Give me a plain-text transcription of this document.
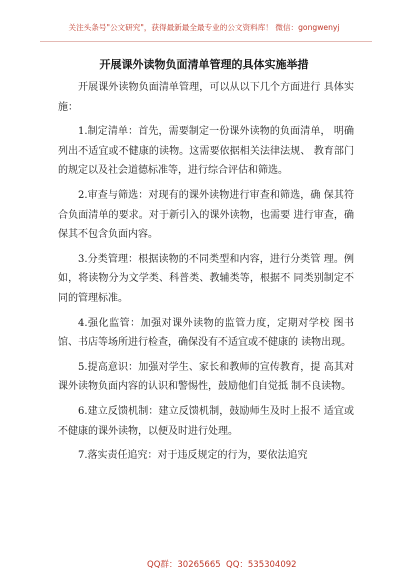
关注头条号"公文研究"，获得最新最全最专业的公文资料库！ 微信：gongwenyj
开展课外读物负面清单管理的具体实施举措

开展课外读物负面清单管理，可以从以下几个方面进行 具体实施：

1.制定清单：首先，需要制定一份课外读物的负面清单， 明确列出不适宜或不健康的读物。这需要依据相关法律法规、 教育部门的规定以及社会道德标准等，进行综合评估和筛选。

2.审查与筛选：对现有的课外读物进行审查和筛选，确 保其符合负面清单的要求。对于新引入的课外读物，也需要 进行审查，确保其不包含负面内容。

3.分类管理：根据读物的不同类型和内容，进行分类管 理。例如，将读物分为文学类、科普类、教辅类等，根据不 同类别制定不同的管理标准。

4.强化监管：加强对课外读物的监管力度，定期对学校 图书馆、书店等场所进行检查，确保没有不适宜或不健康的 读物出现。

5.提高意识：加强对学生、家长和教师的宣传教育，提 高其对课外读物负面内容的认识和警惕性，鼓励他们自觉抵 制不良读物。

6.建立反馈机制：建立反馈机制，鼓励师生及时上报不 适宜或不健康的课外读物，以便及时进行处理。

7.落实责任追究：对于违反规定的行为，要依法追究

QQ群：30265665 QQ：535304092
